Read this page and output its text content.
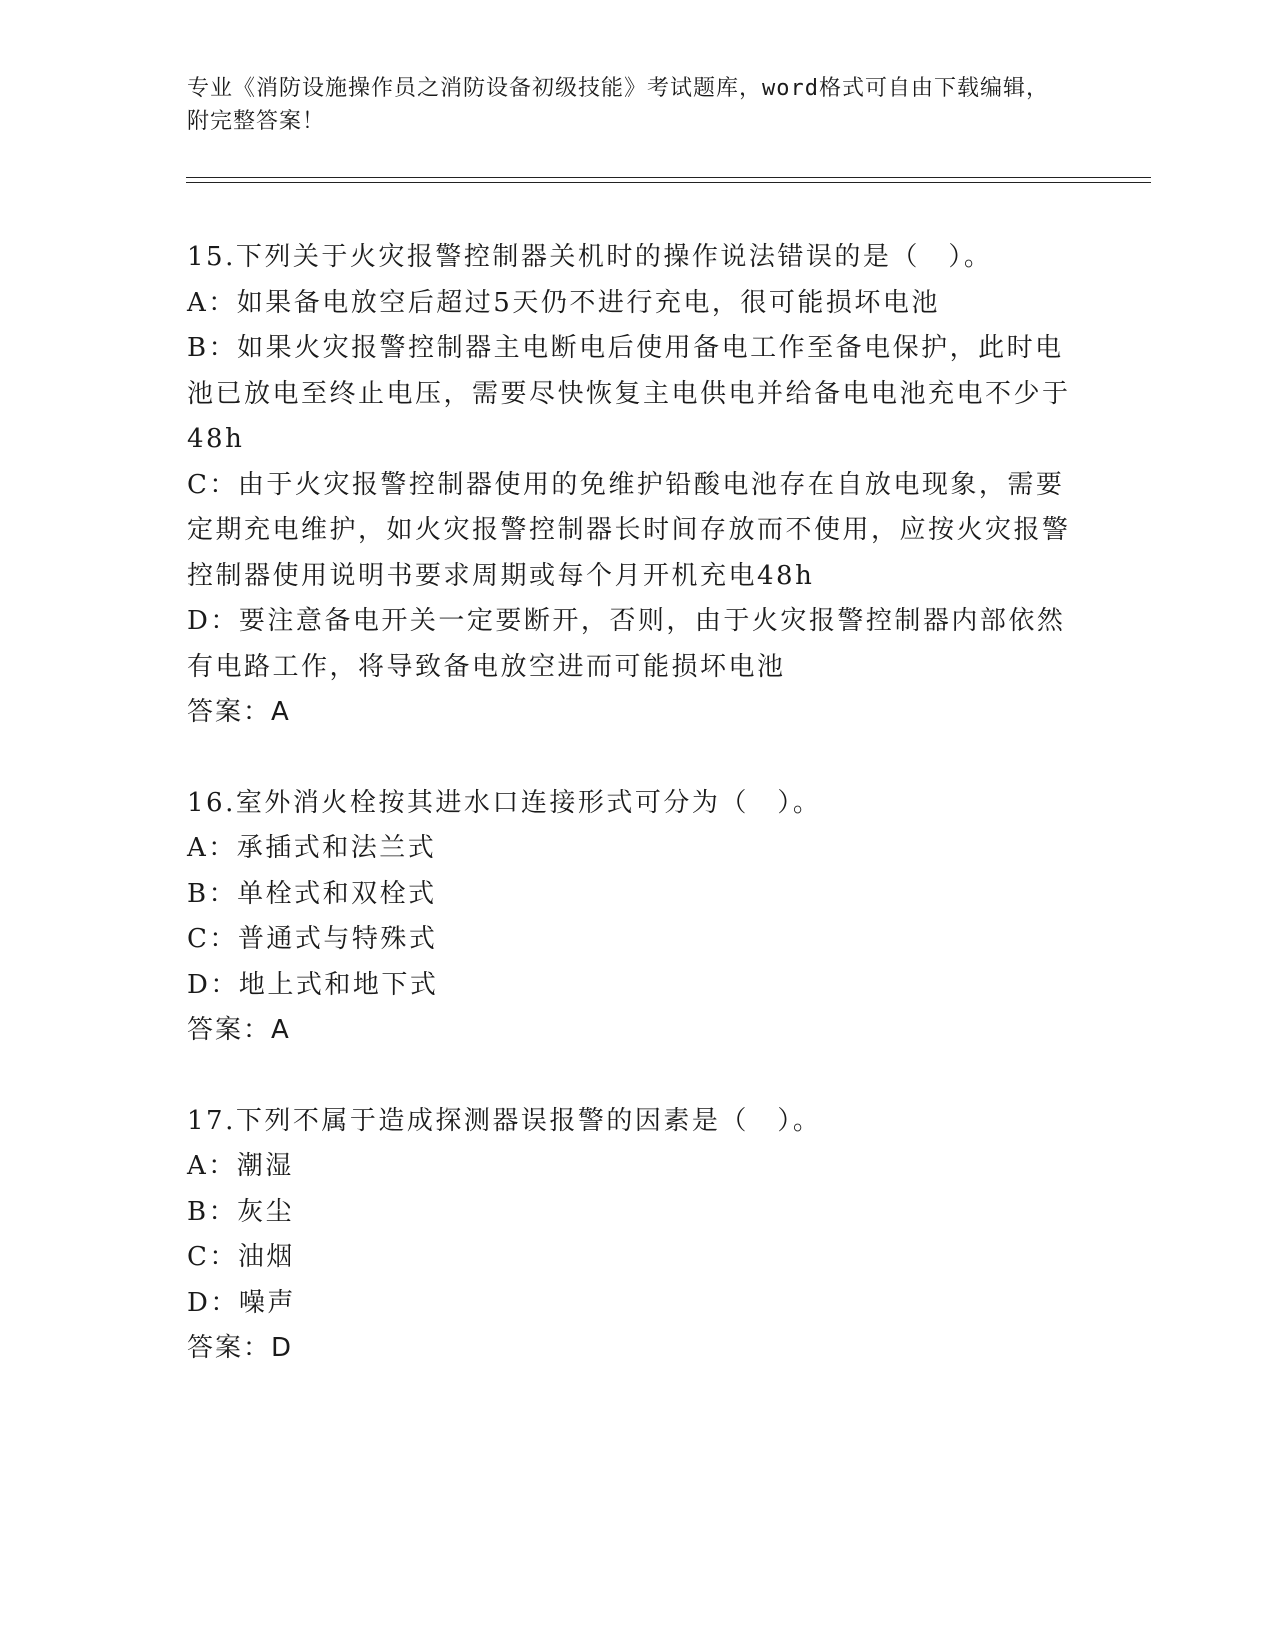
专业《消防设施操作员之消防设备初级技能》考试题库，word格式可自由下载编辑，附完整答案！
15.下列关于火灾报警控制器关机时的操作说法错误的是（　）。
A：如果备电放空后超过5天仍不进行充电，很可能损坏电池
B：如果火灾报警控制器主电断电后使用备电工作至备电保护，此时电池已放电至终止电压，需要尽快恢复主电供电并给备电电池充电不少于48h
C：由于火灾报警控制器使用的免维护铅酸电池存在自放电现象，需要定期充电维护，如火灾报警控制器长时间存放而不使用，应按火灾报警控制器使用说明书要求周期或每个月开机充电48h
D：要注意备电开关一定要断开，否则，由于火灾报警控制器内部依然有电路工作，将导致备电放空进而可能损坏电池
答案：A
16.室外消火栓按其进水口连接形式可分为（　）。
A：承插式和法兰式
B：单栓式和双栓式
C：普通式与特殊式
D：地上式和地下式
答案：A
17.下列不属于造成探测器误报警的因素是（　）。
A：潮湿
B：灰尘
C：油烟
D：噪声
答案：D
